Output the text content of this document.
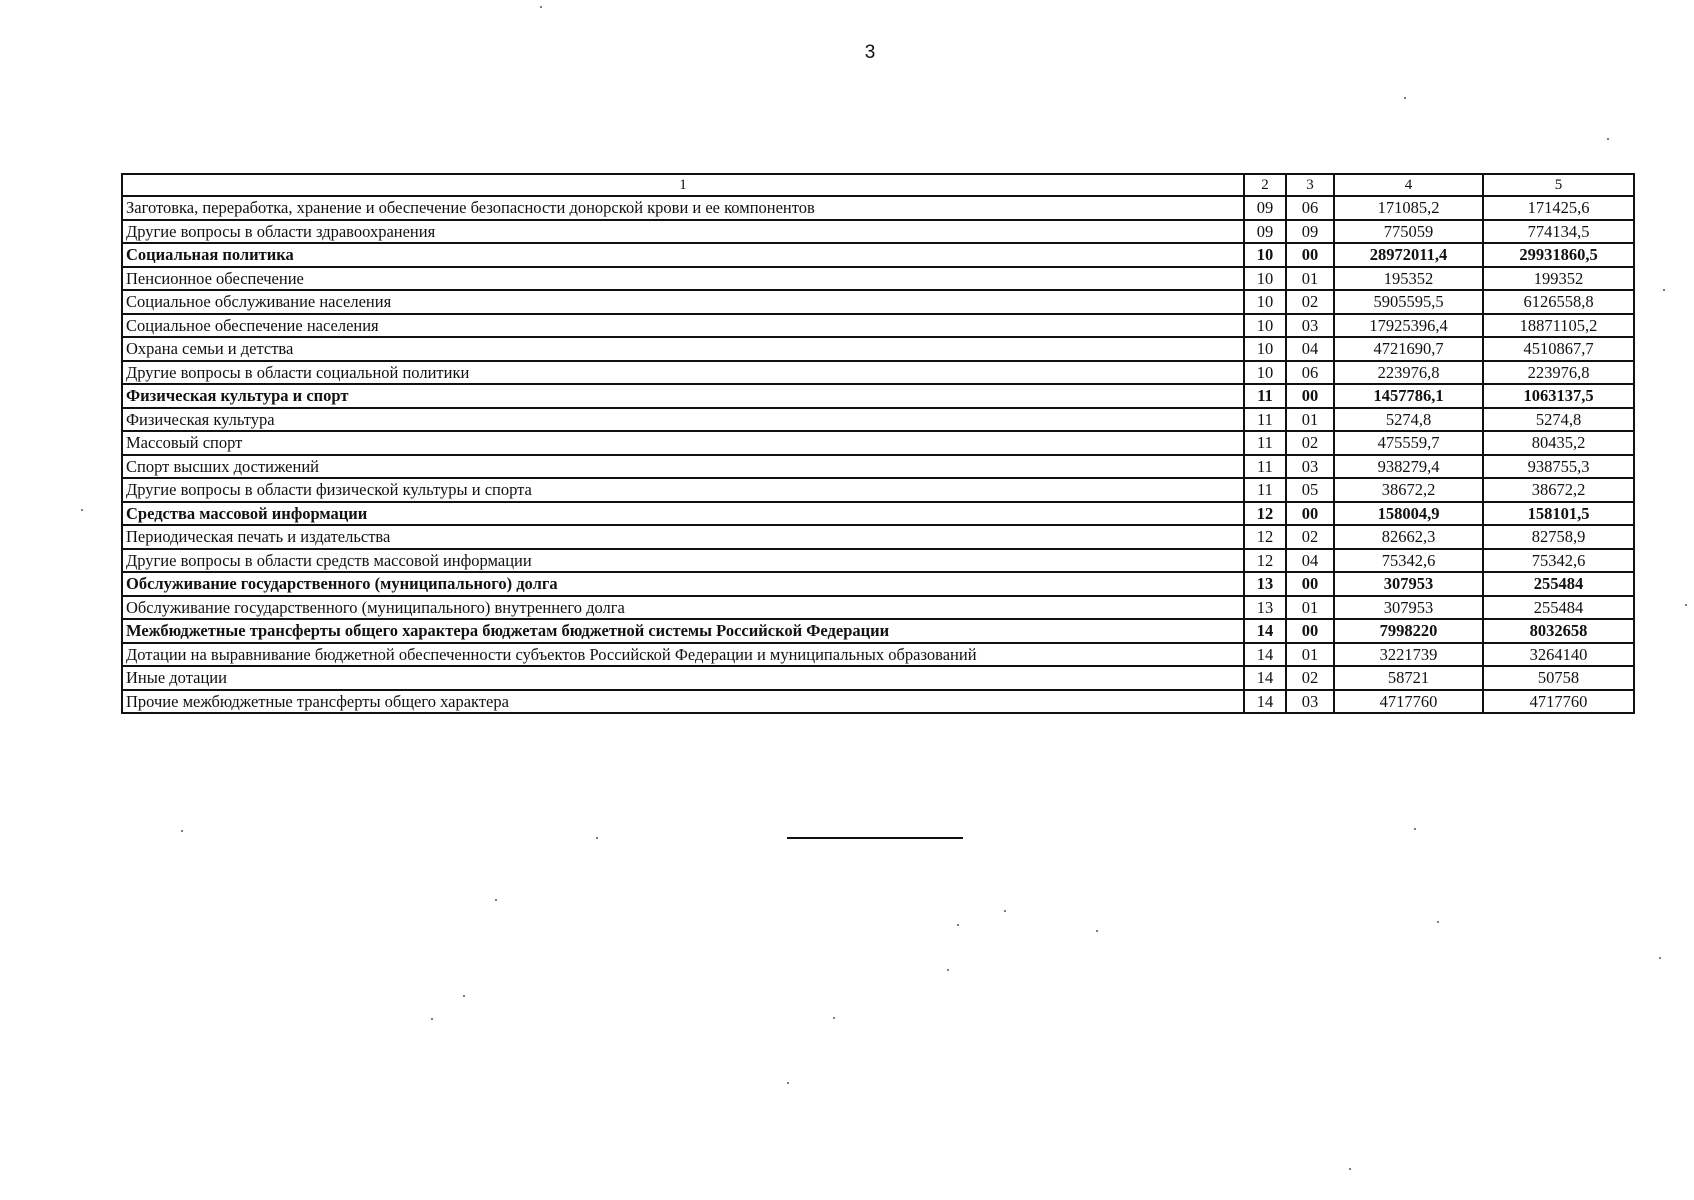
3
1	2	3	4	5
Заготовка, переработка, хранение и обеспечение безопасности донорской крови и ее компонентов	09	06	171085,2	171425,6
Другие вопросы в области здравоохранения	09	09	775059	774134,5
Социальная политика	10	00	28972011,4	29931860,5
Пенсионное обеспечение	10	01	195352	199352
Социальное обслуживание населения	10	02	5905595,5	6126558,8
Социальное обеспечение населения	10	03	17925396,4	18871105,2
Охрана семьи и детства	10	04	4721690,7	4510867,7
Другие вопросы в области социальной политики	10	06	223976,8	223976,8
Физическая культура и спорт	11	00	1457786,1	1063137,5
Физическая культура	11	01	5274,8	5274,8
Массовый спорт	11	02	475559,7	80435,2
Спорт высших достижений	11	03	938279,4	938755,3
Другие вопросы в области физической культуры и спорта	11	05	38672,2	38672,2
Средства массовой информации	12	00	158004,9	158101,5
Периодическая печать и издательства	12	02	82662,3	82758,9
Другие вопросы в области средств массовой информации	12	04	75342,6	75342,6
Обслуживание государственного (муниципального) долга	13	00	307953	255484
Обслуживание государственного (муниципального) внутреннего долга	13	01	307953	255484
Межбюджетные трансферты общего характера бюджетам бюджетной системы Российской Федерации	14	00	7998220	8032658
Дотации на выравнивание бюджетной обеспеченности субъектов Российской Федерации и муниципальных образований	14	01	3221739	3264140
Иные дотации	14	02	58721	50758
Прочие межбюджетные трансферты общего характера	14	03	4717760	4717760
